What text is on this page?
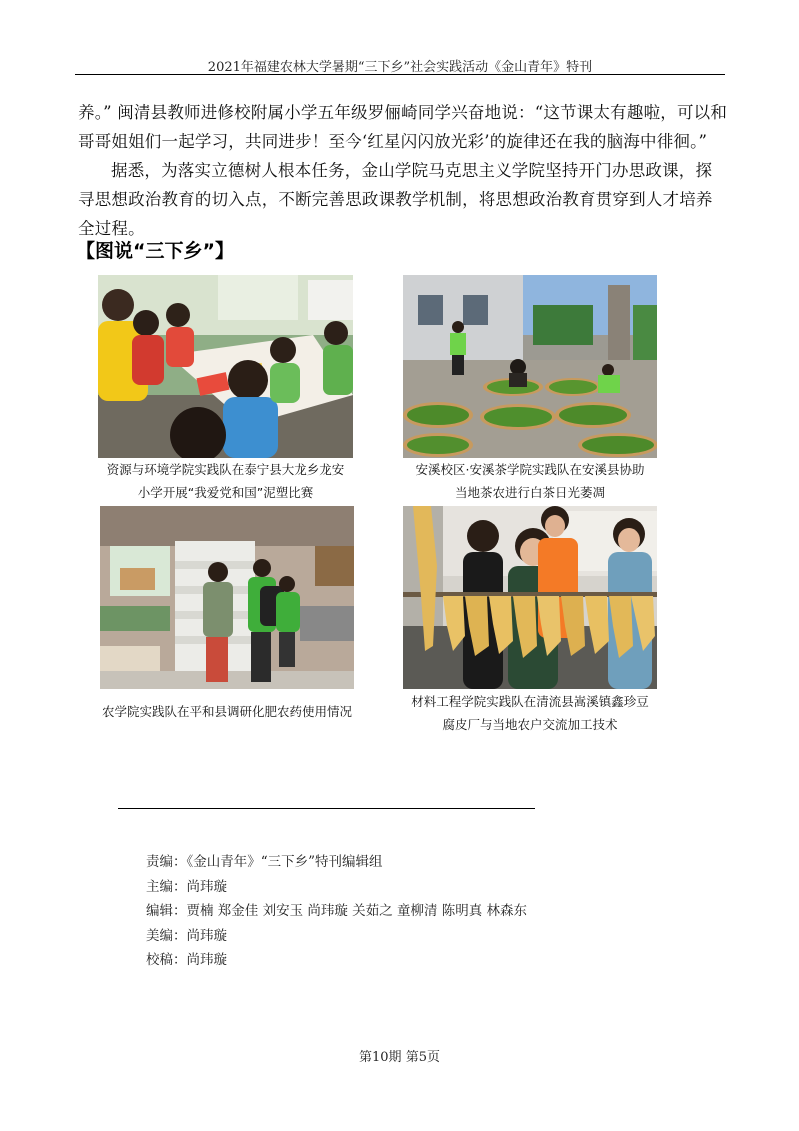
2021年福建农林大学暑期“三下乡”社会实践活动《金山青年》特刊

养。” 闽清县教师进修校附属小学五年级罗俪崎同学兴奋地说：“这节课太有趣啦，可以和哥哥姐姐们一起学习，共同进步！至今‘红星闪闪放光彩’的旋律还在我的脑海中徘徊。”

据悉，为落实立德树人根本任务，金山学院马克思主义学院坚持开门办思政课，探寻思想政治教育的切入点，不断完善思政课教学机制，将思想政治教育贯穿到人才培养全过程。

【图说“三下乡”】
资源与环境学院实践队在泰宁县大龙乡龙安
小学开展“我爱党和国”泥塑比赛
安溪校区·安溪茶学院实践队在安溪县协助
当地茶农进行白茶日光萎凋
农学院实践队在平和县调研化肥农药使用情况
材料工程学院实践队在清流县嵩溪镇鑫珍豆
腐皮厂与当地农户交流加工技术
责编：《金山青年》“三下乡”特刊编辑组
主编：尚玮璇
编辑：贾楠 郑金佳 刘安玉 尚玮璇 关茹之 童柳清 陈明真 林森东
美编：尚玮璇
校稿：尚玮璇
第10期 第5页
